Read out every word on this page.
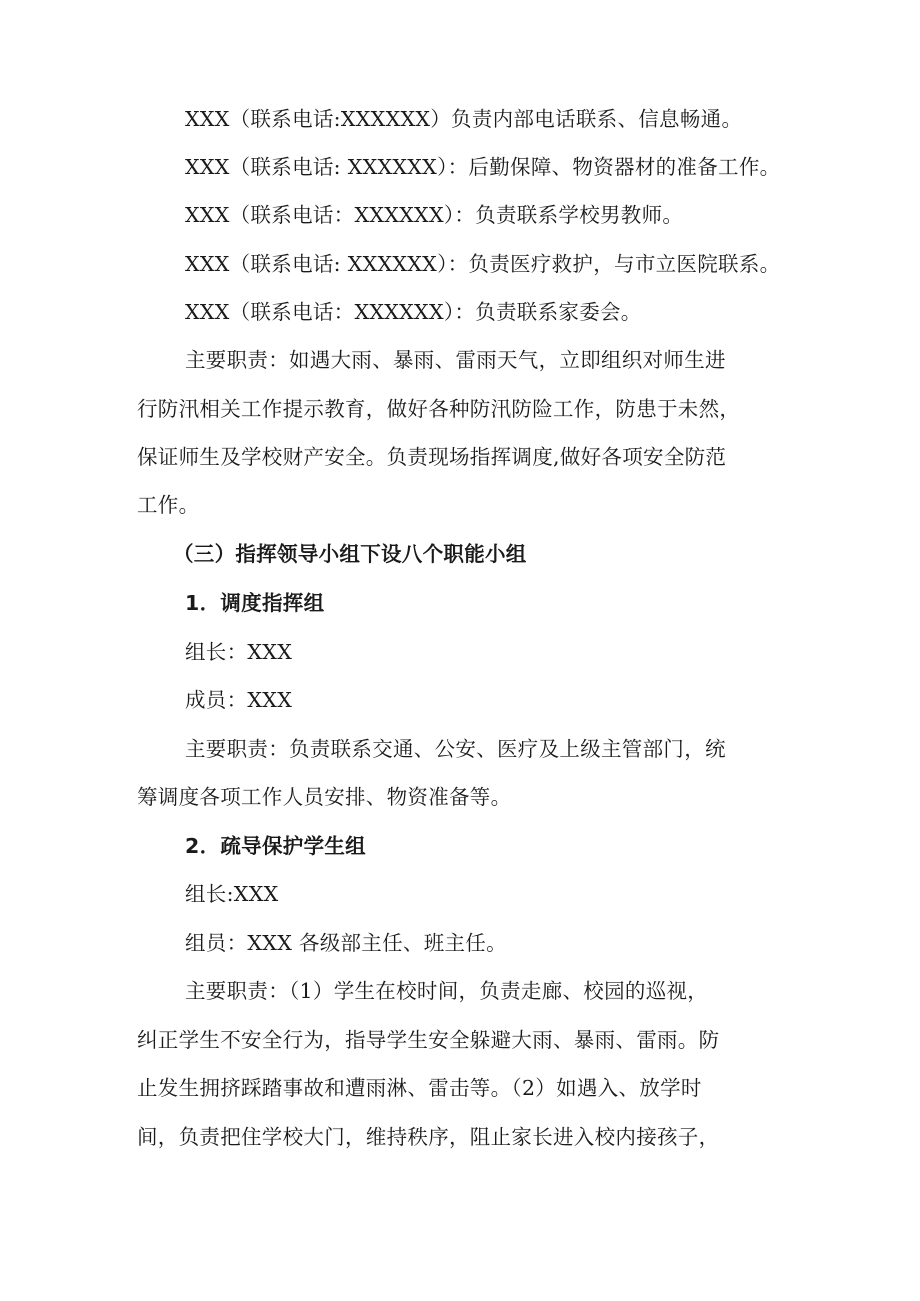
XXX（联系电话:XXXXXX）负责内部电话联系、信息畅通。
XXX（联系电话: XXXXXX）：后勤保障、物资器材的准备工作。
XXX（联系电话：XXXXXX）：负责联系学校男教师。
XXX（联系电话: XXXXXX）：负责医疗救护，与市立医院联系。
XXX（联系电话：XXXXXX）：负责联系家委会。
主要职责：如遇大雨、暴雨、雷雨天气，立即组织对师生进
行防汛相关工作提示教育，做好各种防汛防险工作，防患于未然，
保证师生及学校财产安全。负责现场指挥调度,做好各项安全防范
工作。
（三）指挥领导小组下设八个职能小组
1．调度指挥组
组长：XXX
成员：XXX
主要职责：负责联系交通、公安、医疗及上级主管部门，统
筹调度各项工作人员安排、物资准备等。
2．疏导保护学生组
组长:XXX
组员：XXX 各级部主任、班主任。
主要职责：（1）学生在校时间，负责走廊、校园的巡视，
纠正学生不安全行为，指导学生安全躲避大雨、暴雨、雷雨。防
止发生拥挤踩踏事故和遭雨淋、雷击等。（2）如遇入、放学时
间，负责把住学校大门，维持秩序，阻止家长进入校内接孩子，
